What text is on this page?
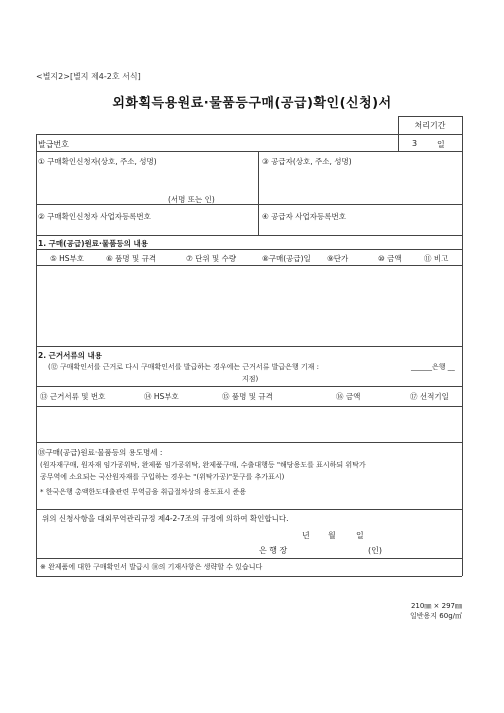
<별지2>[별지 제4-2호 서식]
외화획득용원료·물품등구매(공급)확인(신청)서
처리기간
3 일
발급번호
① 구매확인신청자(상호, 주소, 성명)
(서명 또는 인)
③ 공급자(상호, 주소, 성명)
② 구매확인신청자 사업자등록번호	④ 공급자 사업자등록번호
1. 구매(공급)원료·물품등의 내용
⑤ HS부호	⑥ 품명 및 규격	⑦ 단위 및 수량	⑧구매(공급)일 ⑨단가	⑩ 금액	⑪ 비고
2. 근거서류의 내용
(⑫ 구매확인서를 근거로 다시 구매확인서를 발급하는 경우에는 근거서류 발급은행 기재 :	______은행 __
지점)
⑬ 근거서류 및 번호	⑭ HS부호	⑮ 품명 및 규격	⑯ 금액	⑰ 선적기일
⑱구매(공급)원료·물품등의 용도명세 :
(원자재구매, 원자재 임가공위탁, 완제품 임가공위탁, 완제품구매, 수출대행등 "해당용도를 표시하되 위탁가
공무역에 소요되는 국산원자재를 구입하는 경우는 "(위탁가공)"문구를 추가표시)
* 한국은행 총액한도대출관련 무역금융 취급절차상의 용도표시 준용
위의 신청사항을 대외무역관리규정 제4-2-7조의 규정에 의하여 확인합니다.
년 월	일
은 행 장	(인)
※ 완제품에 대한 구매확인서 발급시 ⑱의 기재사항은 생략할 수 있습니다
210㎜ × 297㎜
일반용지 60g/㎡
